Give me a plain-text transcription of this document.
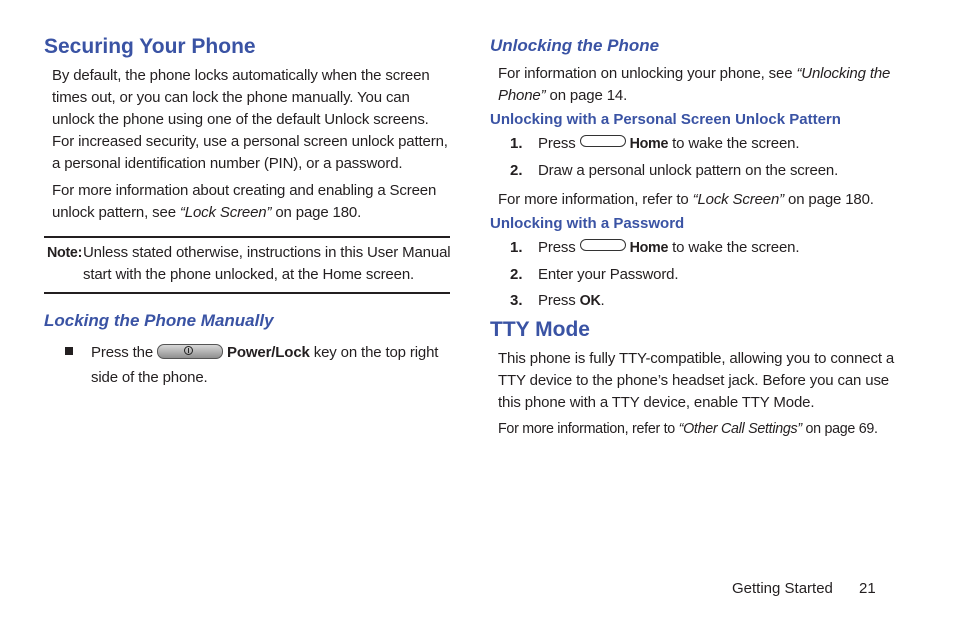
Securing Your Phone

By default, the phone locks automatically when the screen times out, or you can lock the phone manually. You can unlock the phone using one of the default Unlock screens. For increased security, use a personal screen unlock pattern, a personal identification number (PIN), or a password.

For more information about creating and enabling a Screen unlock pattern, see “Lock Screen” on page 180.

Note: Unless stated otherwise, instructions in this User Manual start with the phone unlocked, at the Home screen.

Locking the Phone Manually

Press the	Power/Lock key on the top right side of the phone.

Unlocking the Phone

For information on unlocking your phone, see “Unlocking the Phone” on page 14.

Unlocking with a Personal Screen Unlock Pattern
1. Press	Home to wake the screen.

2. Draw a personal unlock pattern on the screen.

For more information, refer to “Lock Screen” on page 180.

Unlocking with a Password
1. Press	Home to wake the screen.

2. Enter your Password.

3. Press OK.

TTY Mode

This phone is fully TTY-compatible, allowing you to connect a TTY device to the phone’s headset jack. Before you can use this phone with a TTY device, enable TTY Mode.

For more information, refer to “Other Call Settings” on page 69.

Getting Started 21
